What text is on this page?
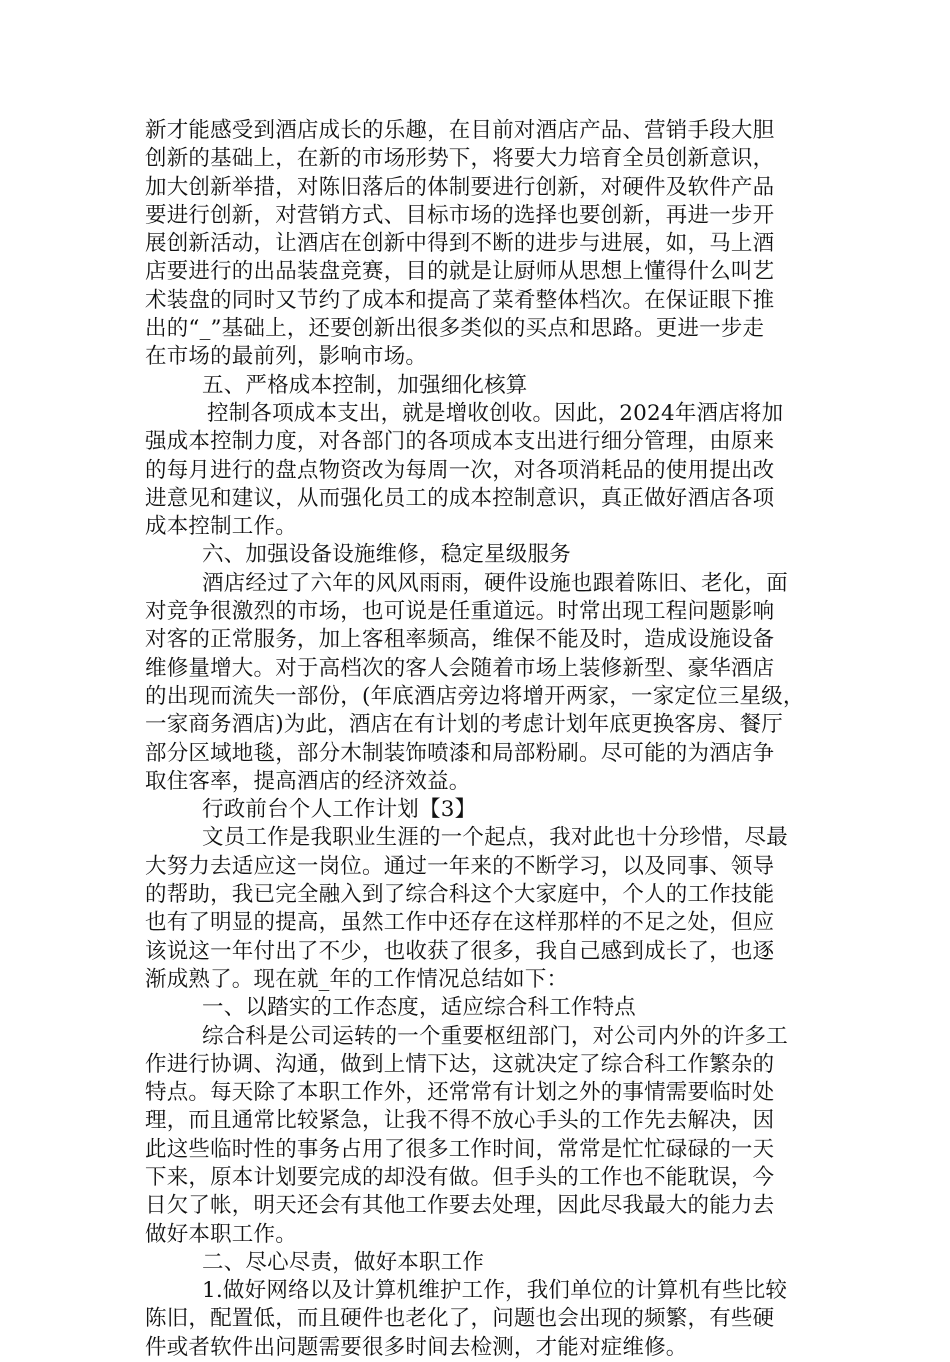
新才能感受到酒店成长的乐趣，在目前对酒店产品、营销手段大胆
创新的基础上，在新的市场形势下，将要大力培育全员创新意识，
加大创新举措，对陈旧落后的体制要进行创新，对硬件及软件产品
要进行创新，对营销方式、目标市场的选择也要创新，再进一步开
展创新活动，让酒店在创新中得到不断的进步与进展，如，马上酒
店要进行的出品装盘竞赛，目的就是让厨师从思想上懂得什么叫艺
术装盘的同时又节约了成本和提高了菜肴整体档次。在保证眼下推
出的“_”基础上，还要创新出很多类似的买点和思路。更进一步走
在市场的最前列，影响市场。
五、严格成本控制，加强细化核算
控制各项成本支出，就是增收创收。因此，2024年酒店将加
强成本控制力度，对各部门的各项成本支出进行细分管理，由原来
的每月进行的盘点物资改为每周一次，对各项消耗品的使用提出改
进意见和建议，从而强化员工的成本控制意识，真正做好酒店各项
成本控制工作。
六、加强设备设施维修，稳定星级服务
酒店经过了六年的风风雨雨，硬件设施也跟着陈旧、老化，面
对竞争很激烈的市场，也可说是任重道远。时常出现工程问题影响
对客的正常服务，加上客租率频高，维保不能及时，造成设施设备
维修量增大。对于高档次的客人会随着市场上装修新型、豪华酒店
的出现而流失一部份，(年底酒店旁边将增开两家，一家定位三星级，
一家商务酒店)为此，酒店在有计划的考虑计划年底更换客房、餐厅
部分区域地毯，部分木制装饰喷漆和局部粉刷。尽可能的为酒店争
取住客率，提高酒店的经济效益。
行政前台个人工作计划【3】
文员工作是我职业生涯的一个起点，我对此也十分珍惜，尽最
大努力去适应这一岗位。通过一年来的不断学习，以及同事、领导
的帮助，我已完全融入到了综合科这个大家庭中，个人的工作技能
也有了明显的提高，虽然工作中还存在这样那样的不足之处，但应
该说这一年付出了不少，也收获了很多，我自己感到成长了，也逐
渐成熟了。现在就_年的工作情况总结如下：
一、以踏实的工作态度，适应综合科工作特点
综合科是公司运转的一个重要枢纽部门，对公司内外的许多工
作进行协调、沟通，做到上情下达，这就决定了综合科工作繁杂的
特点。每天除了本职工作外，还常常有计划之外的事情需要临时处
理，而且通常比较紧急，让我不得不放心手头的工作先去解决，因
此这些临时性的事务占用了很多工作时间，常常是忙忙碌碌的一天
下来，原本计划要完成的却没有做。但手头的工作也不能耽误，今
日欠了帐，明天还会有其他工作要去处理，因此尽我最大的能力去
做好本职工作。
二、尽心尽责，做好本职工作
1.做好网络以及计算机维护工作，我们单位的计算机有些比较
陈旧，配置低，而且硬件也老化了，问题也会出现的频繁，有些硬
件或者软件出问题需要很多时间去检测，才能对症维修。
